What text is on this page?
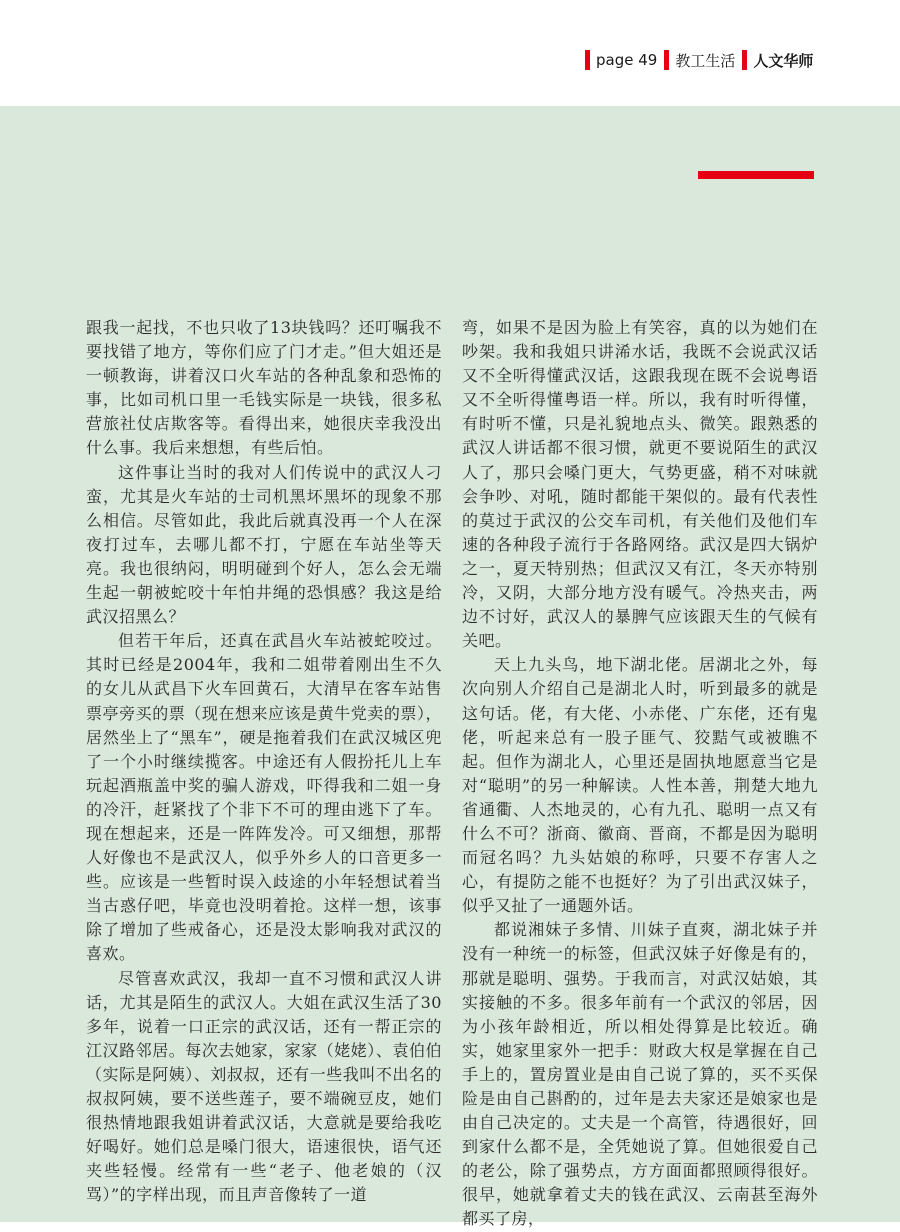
page 49 教工生活 人文华师

跟我一起找，不也只收了13块钱吗？还叮嘱我不要找错了地方，等你们应了门才走。”但大姐还是一顿教诲，讲着汉口火车站的各种乱象和恐怖的事，比如司机口里一毛钱实际是一块钱，很多私营旅社仗店欺客等。看得出来，她很庆幸我没出什么事。我后来想想，有些后怕。

这件事让当时的我对人们传说中的武汉人刁蛮，尤其是火车站的士司机黑坏黑坏的现象不那么相信。尽管如此，我此后就真没再一个人在深夜打过车，去哪儿都不打，宁愿在车站坐等天亮。我也很纳闷，明明碰到个好人，怎么会无端生起一朝被蛇咬十年怕井绳的恐惧感？我这是给武汉招黑么？

但若干年后，还真在武昌火车站被蛇咬过。其时已经是2004年，我和二姐带着刚出生不久的女儿从武昌下火车回黄石，大清早在客车站售票亭旁买的票（现在想来应该是黄牛党卖的票），居然坐上了“黑车”，硬是拖着我们在武汉城区兜了一个小时继续揽客。中途还有人假扮托儿上车玩起酒瓶盖中奖的骗人游戏，吓得我和二姐一身的冷汗，赶紧找了个非下不可的理由逃下了车。现在想起来，还是一阵阵发冷。可又细想，那帮人好像也不是武汉人，似乎外乡人的口音更多一些。应该是一些暂时误入歧途的小年轻想试着当当古惑仔吧，毕竟也没明着抢。这样一想，该事除了增加了些戒备心，还是没太影响我对武汉的喜欢。

尽管喜欢武汉，我却一直不习惯和武汉人讲话，尤其是陌生的武汉人。大姐在武汉生活了30多年，说着一口正宗的武汉话，还有一帮正宗的江汉路邻居。每次去她家，家家（姥姥）、袁伯伯（实际是阿姨）、刘叔叔，还有一些我叫不出名的叔叔阿姨，要不送些莲子，要不端碗豆皮，她们很热情地跟我姐讲着武汉话，大意就是要给我吃好喝好。她们总是嗓门很大，语速很快，语气还夹些轻慢。经常有一些“老子、他老娘的（汉骂）”的字样出现，而且声音像转了一道

弯，如果不是因为脸上有笑容，真的以为她们在吵架。我和我姐只讲浠水话，我既不会说武汉话又不全听得懂武汉话，这跟我现在既不会说粤语又不全听得懂粤语一样。所以，我有时听得懂，有时听不懂，只是礼貌地点头、微笑。跟熟悉的武汉人讲话都不很习惯，就更不要说陌生的武汉人了，那只会嗓门更大，气势更盛，稍不对味就会争吵、对吼，随时都能干架似的。最有代表性的莫过于武汉的公交车司机，有关他们及他们车速的各种段子流行于各路网络。武汉是四大锅炉之一，夏天特别热；但武汉又有江，冬天亦特别冷，又阴，大部分地方没有暖气。冷热夹击，两边不讨好，武汉人的暴脾气应该跟天生的气候有关吧。

天上九头鸟，地下湖北佬。居湖北之外，每次向别人介绍自己是湖北人时，听到最多的就是这句话。佬，有大佬、小赤佬、广东佬，还有鬼佬，听起来总有一股子匪气、狡黠气或被瞧不起。但作为湖北人，心里还是固执地愿意当它是对“聪明”的另一种解读。人性本善，荆楚大地九省通衢、人杰地灵的，心有九孔、聪明一点又有什么不可？浙商、徽商、晋商，不都是因为聪明而冠名吗？九头姑娘的称呼，只要不存害人之心，有提防之能不也挺好？为了引出武汉妹子，似乎又扯了一通题外话。

都说湘妹子多情、川妹子直爽，湖北妹子并没有一种统一的标签，但武汉妹子好像是有的，那就是聪明、强势。于我而言，对武汉姑娘，其实接触的不多。很多年前有一个武汉的邻居，因为小孩年龄相近，所以相处得算是比较近。确实，她家里家外一把手：财政大权是掌握在自己手上的，置房置业是由自己说了算的，买不买保险是由自己斟酌的，过年是去夫家还是娘家也是由自己决定的。丈夫是一个高管，待遇很好，回到家什么都不是，全凭她说了算。但她很爱自己的老公，除了强势点，方方面面都照顾得很好。很早，她就拿着丈夫的钱在武汉、云南甚至海外都买了房，
